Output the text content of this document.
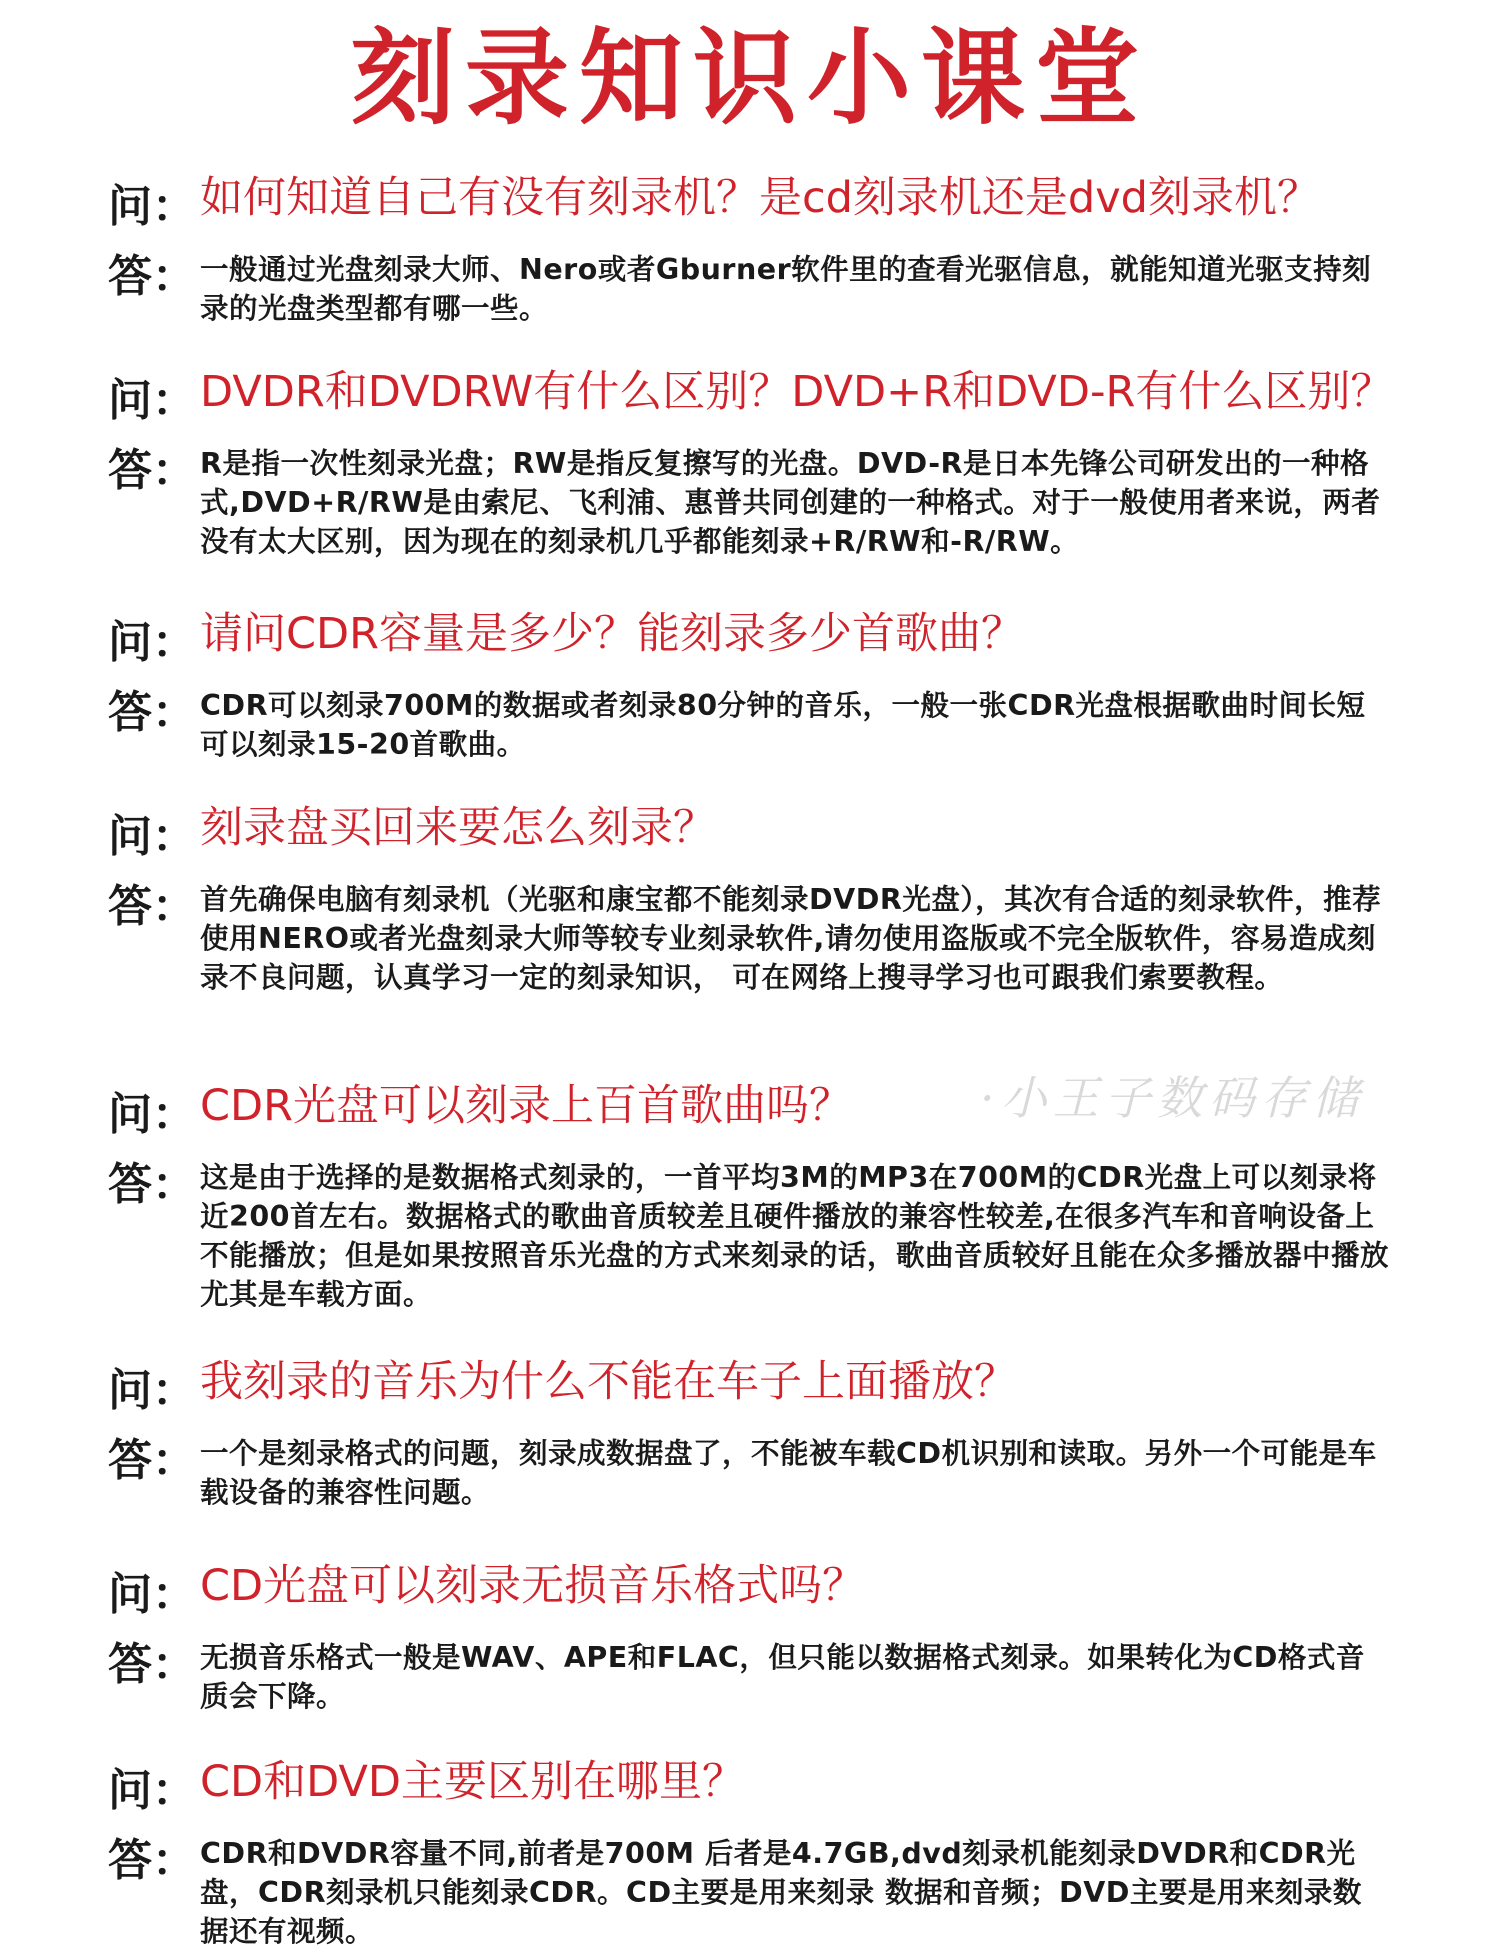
刻录知识小课堂
·小王子数码存储
问： 如何知道自己有没有刻录机？是cd刻录机还是dvd刻录机？
答： 一般通过光盘刻录大师、Nero或者Gburner软件里的查看光驱信息，就能知道光驱支持刻录的光盘类型都有哪一些。
问： DVDR和DVDRW有什么区别？DVD+R和DVD-R有什么区别？
答： R是指一次性刻录光盘；RW是指反复擦写的光盘。DVD-R是日本先锋公司研发出的一种格式,DVD+R/RW是由索尼、飞利浦、惠普共同创建的一种格式。对于一般使用者来说，两者没有太大区别，因为现在的刻录机几乎都能刻录+R/RW和-R/RW。
问： 请问CDR容量是多少？能刻录多少首歌曲？
答： CDR可以刻录700M的数据或者刻录80分钟的音乐，一般一张CDR光盘根据歌曲时间长短可以刻录15-20首歌曲。
问： 刻录盘买回来要怎么刻录？
答： 首先确保电脑有刻录机（光驱和康宝都不能刻录DVDR光盘），其次有合适的刻录软件，推荐使用NERO或者光盘刻录大师等较专业刻录软件,请勿使用盗版或不完全版软件，容易造成刻录不良问题，认真学习一定的刻录知识， 可在网络上搜寻学习也可跟我们索要教程。
问： CDR光盘可以刻录上百首歌曲吗？
答： 这是由于选择的是数据格式刻录的，一首平均3M的MP3在700M的CDR光盘上可以刻录将近200首左右。数据格式的歌曲音质较差且硬件播放的兼容性较差,在很多汽车和音响设备上不能播放；但是如果按照音乐光盘的方式来刻录的话，歌曲音质较好且能在众多播放器中播放尤其是车载方面。
问： 我刻录的音乐为什么不能在车子上面播放？
答： 一个是刻录格式的问题，刻录成数据盘了，不能被车载CD机识别和读取。另外一个可能是车载设备的兼容性问题。
问： CD光盘可以刻录无损音乐格式吗？
答： 无损音乐格式一般是WAV、APE和FLAC，但只能以数据格式刻录。如果转化为CD格式音质会下降。
问： CD和DVD主要区别在哪里？
答： CDR和DVDR容量不同,前者是700M 后者是4.7GB,dvd刻录机能刻录DVDR和CDR光盘，CDR刻录机只能刻录CDR。CD主要是用来刻录 数据和音频；DVD主要是用来刻录数据还有视频。
